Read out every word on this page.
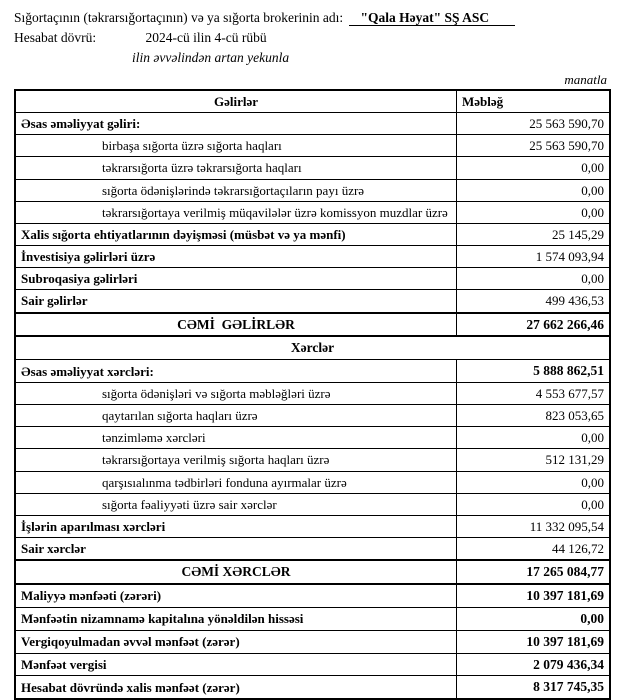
Sığortaçının (təkrarsığortaçının) və ya sığorta brokerinin adı: "Qala Həyat" SŞ ASC
Hesabat dövrü:	2024-cü ilin 4-cü rübü
ilin əvvəlindən artan yekunla
manatla
Gəlirlər	Məbləğ
Əsas əməliyyat gəliri:	25 563 590,70
birbaşa sığorta üzrə sığorta haqları	25 563 590,70
təkrarsığorta üzrə təkrarsığorta haqları	0,00
sığorta ödənişlərində təkrarsığortaçıların payı üzrə	0,00
təkrarsığortaya verilmiş müqavilələr üzrə komissyon muzdlar üzrə	0,00
Xalis sığorta ehtiyatlarının dəyişməsi (müsbət və ya mənfi)	25 145,29
İnvestisiya gəlirləri üzrə	1 574 093,94
Subroqasiya gəlirləri	0,00
Sair gəlirlər	499 436,53
CƏMİ  GƏLİRLƏR	27 662 266,46
Xərclər	
Əsas əməliyyat xərcləri:	5 888 862,51
sığorta ödənişləri və sığorta məbləğləri üzrə	4 553 677,57
qaytarılan sığorta haqları üzrə	823 053,65
tənzimləmə xərcləri	0,00
təkrarsığortaya verilmiş sığorta haqları üzrə	512 131,29
qarşısıalınma tədbirləri fonduna ayırmalar üzrə	0,00
sığorta fəaliyyəti üzrə sair xərclər	0,00
İşlərin aparılması xərcləri	11 332 095,54
Sair xərclər	44 126,72
CƏMİ XƏRCLƏR	17 265 084,77
Maliyyə mənfəəti (zərəri)	10 397 181,69
Mənfəətin nizamnamə kapitalına yönəldilən hissəsi	0,00
Vergiqoyulmadan əvvəl mənfəət (zərər)	10 397 181,69
Mənfəət vergisi	2 079 436,34
Hesabat dövründə xalis mənfəət (zərər)	8 317 745,35
